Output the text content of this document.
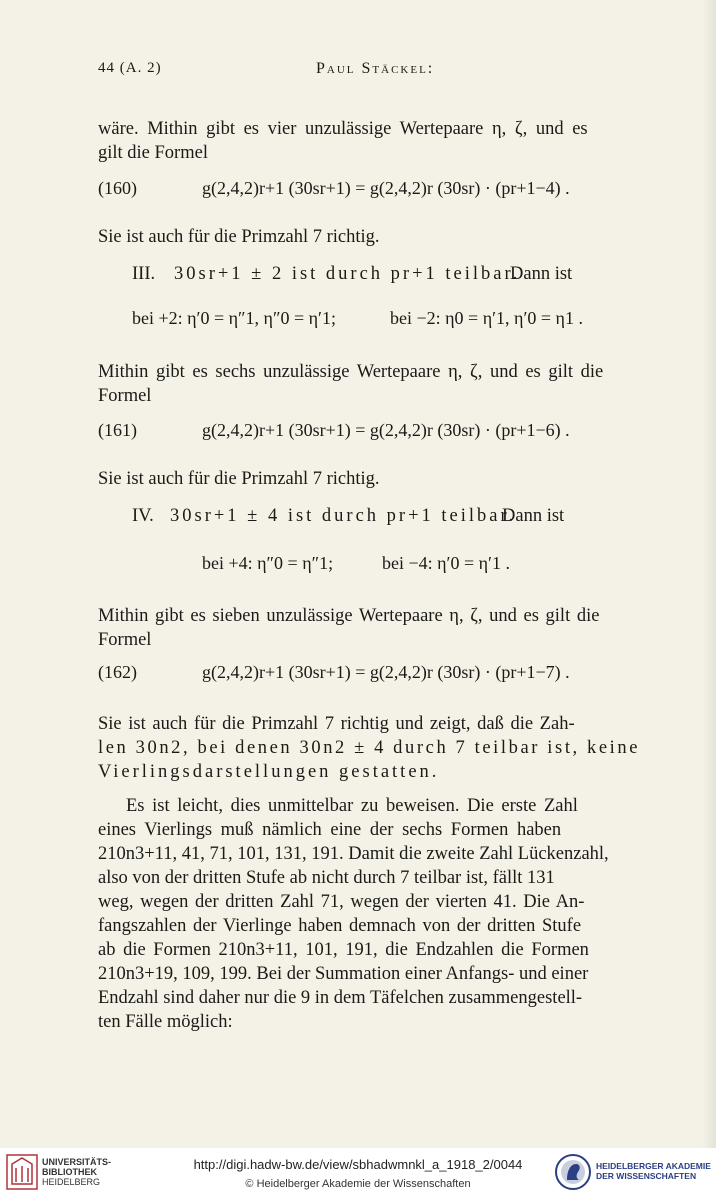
44 (A. 2)	Paul Stäckel:
wäre. Mithin gibt es vier unzulässige Wertepaare η, ζ, und es
gilt die Formel
(160)	g(2,4,2)r+1 (30sr+1) = g(2,4,2)r (30sr) · (pr+1−4) .
Sie ist auch für die Primzahl 7 richtig.
III.	30sr+1 ± 2 ist durch pr+1 teilbar.
Dann ist
bei +2: η′0 = η″1, η″0 = η′1;	bei −2: η0 = η′1, η′0 = η1 .
Mithin gibt es sechs unzulässige Wertepaare η, ζ, und es gilt die
Formel
(161)	g(2,4,2)r+1 (30sr+1) = g(2,4,2)r (30sr) · (pr+1−6) .
Sie ist auch für die Primzahl 7 richtig.
IV. 30sr+1 ± 4 ist durch pr+1 teilbar.
Dann ist
bei +4: η″0 = η″1;	bei −4: η′0 = η′1 .
Mithin gibt es sieben unzulässige Wertepaare η, ζ, und es gilt die
Formel
(162)	g(2,4,2)r+1 (30sr+1) = g(2,4,2)r (30sr) · (pr+1−7) .
Sie ist auch für die Primzahl 7 richtig und zeigt, daß die Zah-
len 30n2, bei denen 30n2 ± 4 durch 7 teilbar ist, keine
Vierlingsdarstellungen gestatten.
Es ist leicht, dies unmittelbar zu beweisen. Die erste Zahl
eines Vierlings muß nämlich eine der sechs Formen haben
210n3+11, 41, 71, 101, 131, 191. Damit die zweite Zahl Lückenzahl,
also von der dritten Stufe ab nicht durch 7 teilbar ist, fällt 131
weg, wegen der dritten Zahl 71, wegen der vierten 41. Die An-
fangszahlen der Vierlinge haben demnach von der dritten Stufe
ab die Formen 210n3+11, 101, 191, die Endzahlen die Formen
210n3+19, 109, 199. Bei der Summation einer Anfangs- und einer
Endzahl sind daher nur die 9 in dem Täfelchen zusammengestell-
ten Fälle möglich:
UNIVERSITÄTS-
BIBLIOTHEK
HEIDELBERG
http://digi.hadw-bw.de/view/sbhadwmnkl_a_1918_2/0044
© Heidelberger Akademie der Wissenschaften
HEIDELBERGER AKADEMIE
DER WISSENSCHAFTEN
